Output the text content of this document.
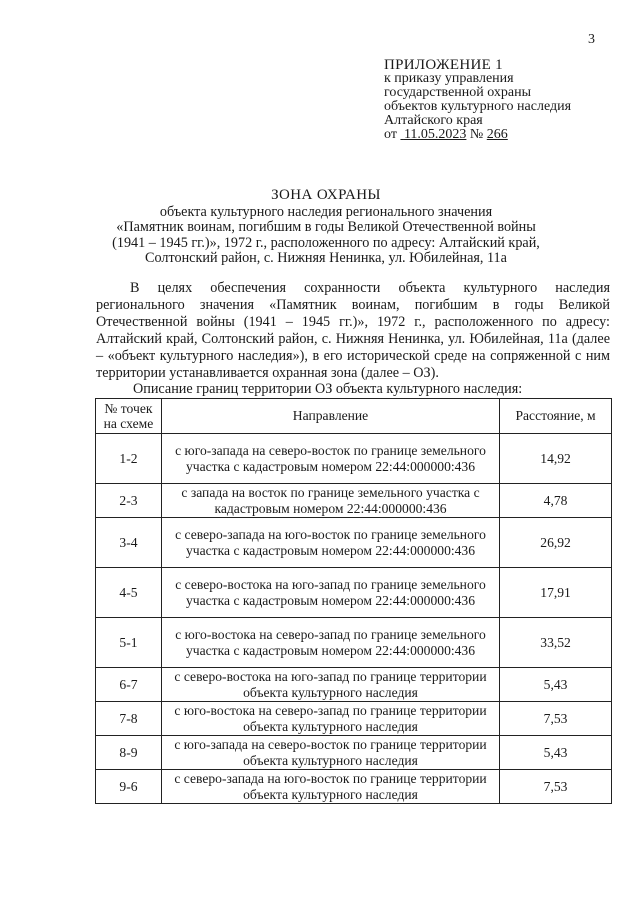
3
ПРИЛОЖЕНИЕ 1
к приказу управления
государственной охраны
объектов культурного наследия
Алтайского края
от 11.05.2023 № 266
ЗОНА ОХРАНЫ
объекта культурного наследия регионального значения
«Памятник воинам, погибшим в годы Великой Отечественной войны
(1941 – 1945 гг.)», 1972 г., расположенного по адресу: Алтайский край,
Солтонский район, с. Нижняя Ненинка, ул. Юбилейная, 11а
В целях обеспечения сохранности объекта культурного наследия регионального значения «Памятник воинам, погибшим в годы Великой Отечественной войны (1941 – 1945 гг.)», 1972 г., расположенного по адресу: Алтайский край, Солтонский район, с. Нижняя Ненинка, ул. Юбилейная, 11а (далее – «объект культурного наследия»), в его исторической среде на сопряженной с ним территории устанавливается охранная зона (далее – ОЗ).
Описание границ территории ОЗ объекта культурного наследия:
№ точек на схеме	Направление	Расстояние, м
1-2	с юго-запада на северо-восток по границе земельного участка с кадастровым номером 22:44:000000:436	14,92
2-3	с запада на восток по границе земельного участка с кадастровым номером 22:44:000000:436	4,78
3-4	с северо-запада на юго-восток по границе земельного участка с кадастровым номером 22:44:000000:436	26,92
4-5	с северо-востока на юго-запад по границе земельного участка с кадастровым номером 22:44:000000:436	17,91
5-1	с юго-востока на северо-запад по границе земельного участка с кадастровым номером 22:44:000000:436	33,52
6-7	с северо-востока на юго-запад по границе территории объекта культурного наследия	5,43
7-8	с юго-востока на северо-запад по границе территории объекта культурного наследия	7,53
8-9	с юго-запада на северо-восток по границе территории объекта культурного наследия	5,43
9-6	с северо-запада на юго-восток по границе территории объекта культурного наследия	7,53
